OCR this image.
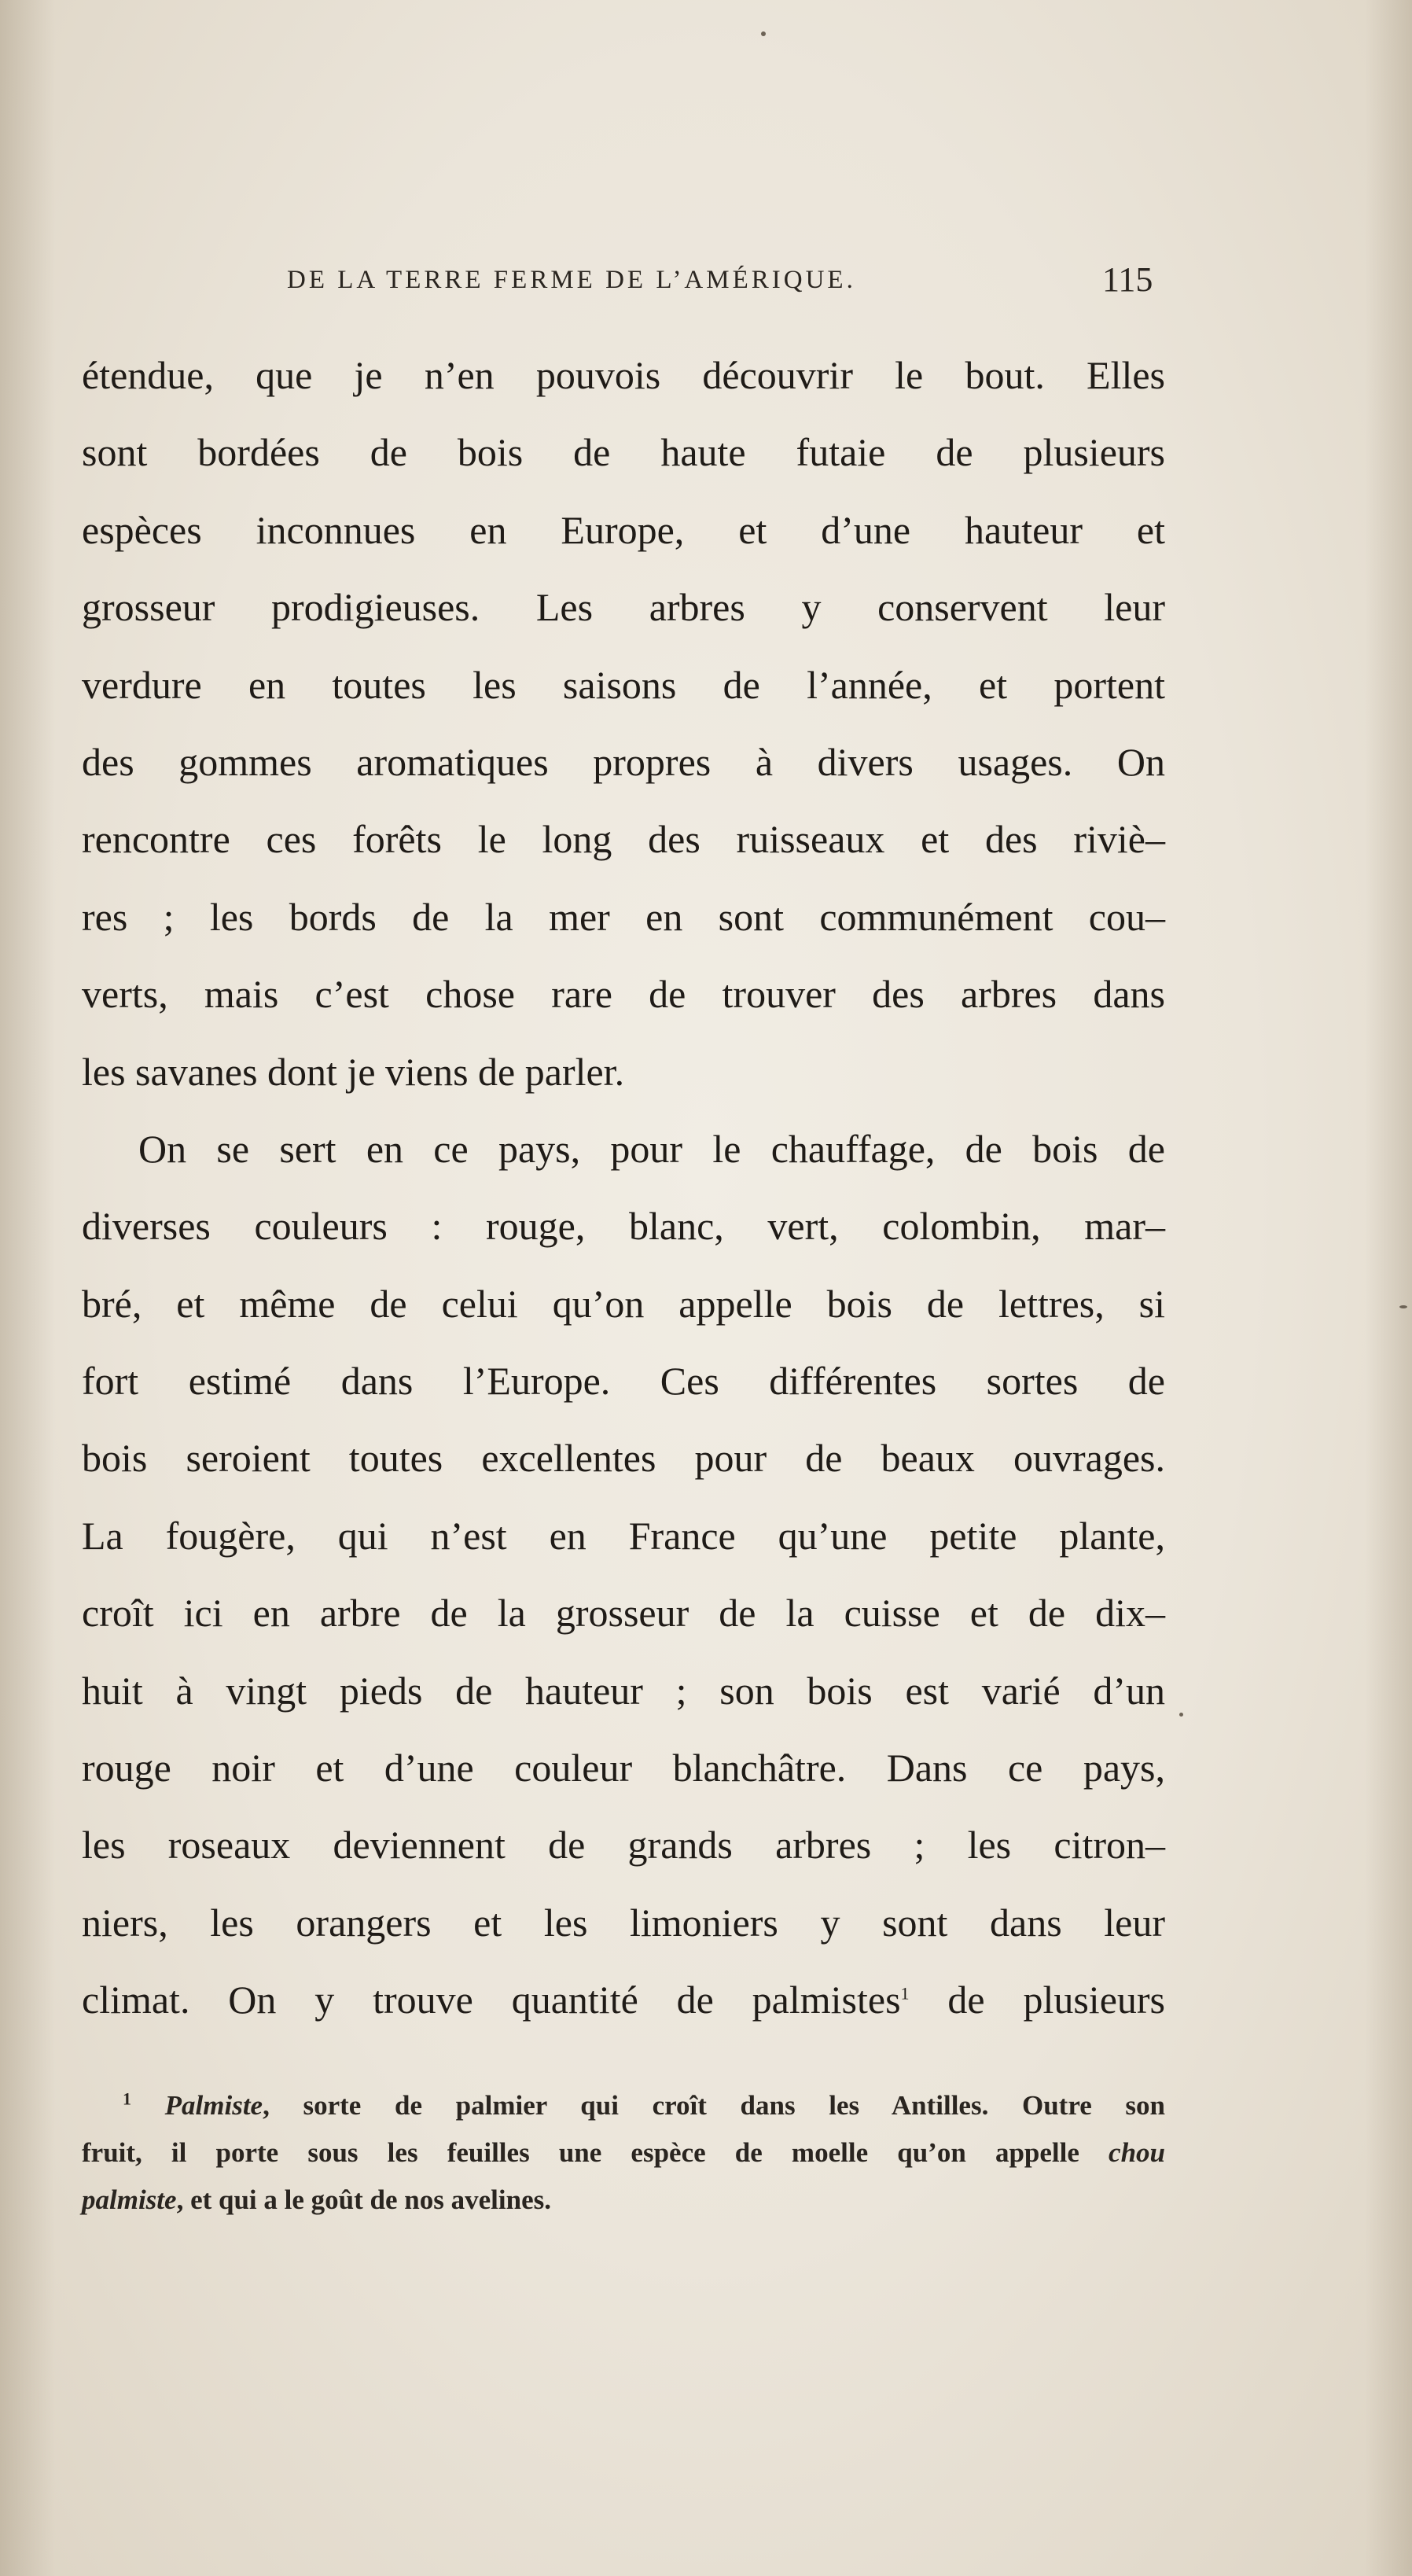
DE LA TERRE FERME DE L’AMÉRIQUE.	115
étendue, que je n’en pouvois découvrir le bout. Elles
sont bordées de bois de haute futaie de plusieurs
espèces inconnues en Europe, et d’une hauteur et
grosseur prodigieuses. Les arbres y conservent leur
verdure en toutes les saisons de l’année, et portent
des gommes aromatiques propres à divers usages. On
rencontre ces forêts le long des ruisseaux et des riviè–
res ; les bords de la mer en sont communément cou–
verts, mais c’est chose rare de trouver des arbres dans
les savanes dont je viens de parler.
On se sert en ce pays, pour le chauffage, de bois de
diverses couleurs : rouge, blanc, vert, colombin, mar–
bré, et même de celui qu’on appelle bois de lettres, si
fort estimé dans l’Europe. Ces différentes sortes de
bois seroient toutes excellentes pour de beaux ouvrages.
La fougère, qui n’est en France qu’une petite plante,
croît ici en arbre de la grosseur de la cuisse et de dix–
huit à vingt pieds de hauteur ; son bois est varié d’un
rouge noir et d’une couleur blanchâtre. Dans ce pays,
les roseaux deviennent de grands arbres ; les citron–
niers, les orangers et les limoniers y sont dans leur
climat. On y trouve quantité de palmistes$^1$ de plusieurs
$^1$ Palmiste, sorte de palmier qui croît dans les Antilles. Outre son
fruit, il porte sous les feuilles une espèce de moelle qu’on appelle chou
palmiste, et qui a le goût de nos avelines.
